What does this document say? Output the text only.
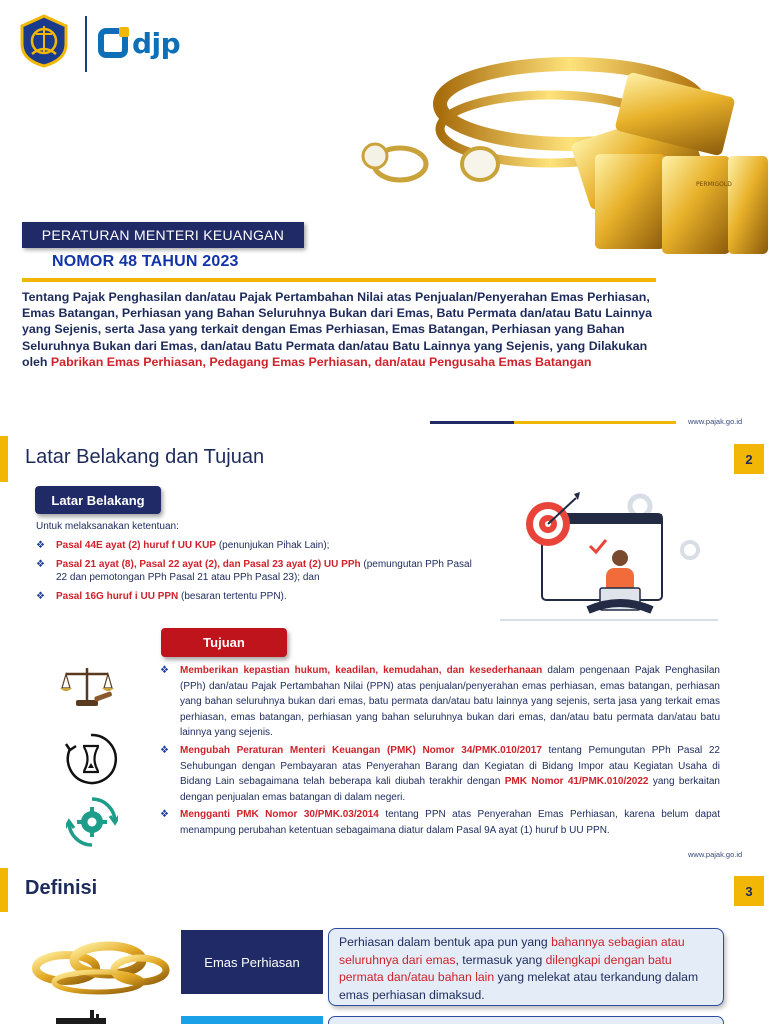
djp
PERMIGOLD
PERATURAN MENTERI KEUANGAN
NOMOR 48 TAHUN 2023

Tentang Pajak Penghasilan dan/atau Pajak Pertambahan Nilai atas Penjualan/Penyerahan Emas Perhiasan, Emas Batangan, Perhiasan yang Bahan Seluruhnya Bukan dari Emas, Batu Permata dan/atau Batu Lainnya yang Sejenis, serta Jasa yang terkait dengan Emas Perhiasan, Emas Batangan, Perhiasan yang Bahan Seluruhnya Bukan dari Emas, dan/atau Batu Permata dan/atau Batu Lainnya yang Sejenis, yang Dilakukan oleh Pabrikan Emas Perhiasan, Pedagang Emas Perhiasan, dan/atau Pengusaha Emas Batangan

www.pajak.go.id
Latar Belakang dan Tujuan	2
Latar Belakang
Untuk melaksanakan ketentuan:
❖ Pasal 44E ayat (2) huruf f UU KUP (penunjukan Pihak Lain);
❖ Pasal 21 ayat (8), Pasal 22 ayat (2), dan Pasal 23 ayat (2) UU PPh (pemungutan PPh Pasal 22 dan pemotongan PPh Pasal 21 atau PPh Pasal 23); dan
❖ Pasal 16G huruf i UU PPN (besaran tertentu PPN).
Tujuan
❖ Memberikan kepastian hukum, keadilan, kemudahan, dan kesederhanaan dalam pengenaan Pajak Penghasilan (PPh) dan/atau Pajak Pertambahan Nilai (PPN) atas penjualan/penyerahan emas perhiasan, emas batangan, perhiasan yang bahan seluruhnya bukan dari emas, batu permata dan/atau batu lainnya yang sejenis, serta jasa yang terkait emas perhiasan, emas batangan, perhiasan yang bahan seluruhnya bukan dari emas, dan/atau batu permata dan/atau batu lainnya yang sejenis.
❖ Mengubah Peraturan Menteri Keuangan (PMK) Nomor 34/PMK.010/2017 tentang Pemungutan PPh Pasal 22 Sehubungan dengan Pembayaran atas Penyerahan Barang dan Kegiatan di Bidang Impor atau Kegiatan Usaha di Bidang Lain sebagaimana telah beberapa kali diubah terakhir dengan PMK Nomor 41/PMK.010/2022 yang berkaitan dengan penjualan emas batangan di dalam negeri.
❖ Mengganti PMK Nomor 30/PMK.03/2014 tentang PPN atas Penyerahan Emas Perhiasan, karena belum dapat menampung perubahan ketentuan sebagaimana diatur dalam Pasal 9A ayat (1) huruf b UU PPN.
www.pajak.go.id
Definisi	3
Emas Perhiasan
Perhiasan dalam bentuk apa pun yang bahannya sebagian atau seluruhnya dari emas, termasuk yang dilengkapi dengan batu permata dan/atau bahan lain yang melekat atau terkandung dalam emas perhiasan dimaksud.
